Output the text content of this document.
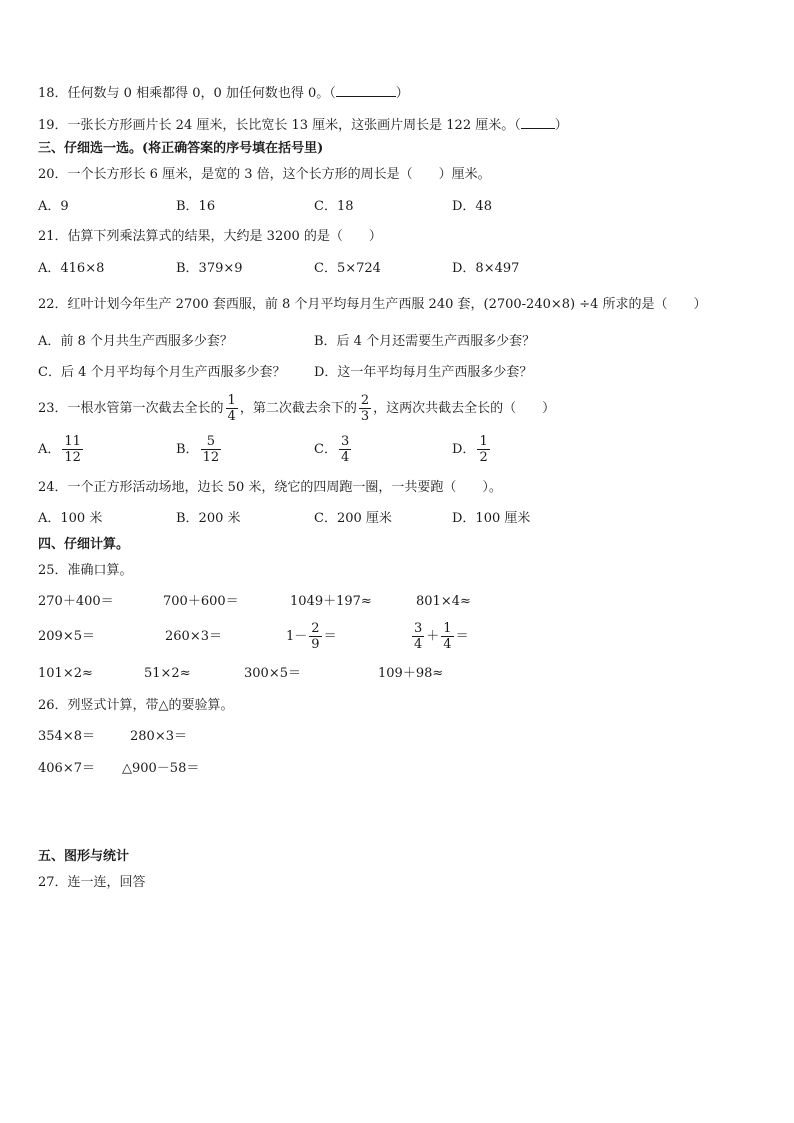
18．任何数与 0 相乘都得 0，0 加任何数也得 0。（	）
19．一张长方形画片长 24 厘米，长比宽长 13 厘米，这张画片周长是 122 厘米。（	）
三、仔细选一选。(将正确答案的序号填在括号里)
20．一个长方形长 6 厘米，是宽的 3 倍，这个长方形的周长是（　　）厘米。
A．9	B．16	C．18	D．48
21．估算下列乘法算式的结果，大约是 3200 的是（　　）
A．416×8	B．379×9	C．5×724	D．8×497
22．红叶计划今年生产 2700 套西服，前 8 个月平均每月生产西服 240 套，(2700-240×8) ÷4 所求的是（　　）
A．前 8 个月共生产西服多少套？	B．后 4 个月还需要生产西服多少套？
C．后 4 个月平均每个月生产西服多少套？ D．这一年平均每月生产西服多少套？
23．一根水管第一次截去全长的 $\frac{1}{4}$ ，第二次截去余下的 $\frac{2}{3}$ ，这两次共截去全长的（　　）
A． $\frac{11}{12}$	B． $\frac{5}{12}$	C． $\frac{3}{4}$	D． $\frac{1}{2}$
24．一个正方形活动场地，边长 50 米，绕它的四周跑一圈，一共要跑（　　）。
A．100 米	B．200 米	C．200 厘米	D．100 厘米
四、仔细计算。
25．准确口算。
270＋400＝	700＋600＝	1049＋197≈	801×4≈
209×5＝	260×3＝	$1- \frac{2}{9}$ ＝	$\frac{3}{4} + \frac{1}{4}$ ＝
101×2≈	51×2≈	300×5＝	109＋98≈
26．列竖式计算，带△的要验算。
354×8＝	280×3＝
406×7＝ △900－58＝
五、图形与统计
27．连一连，回答
